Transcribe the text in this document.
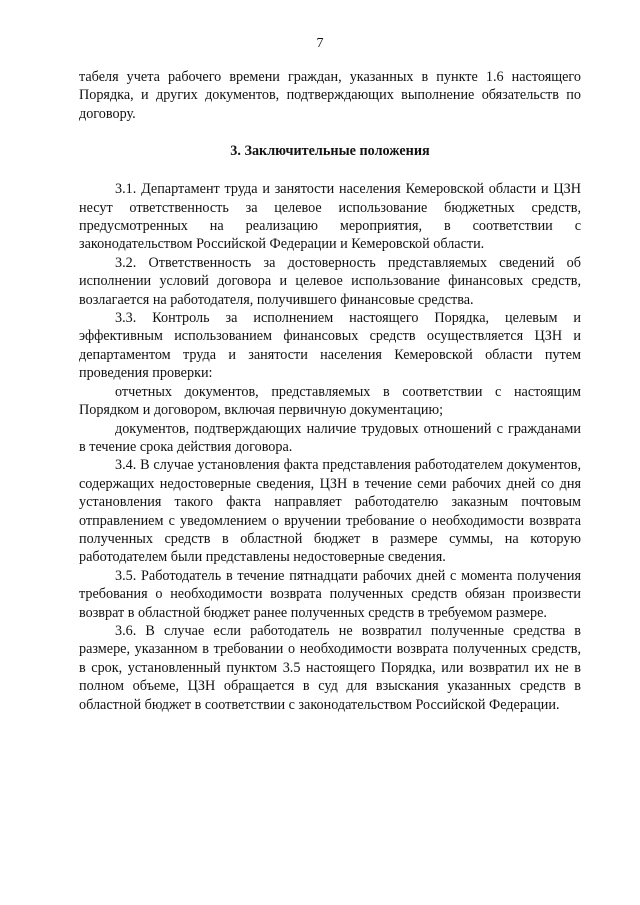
7

табеля учета рабочего времени граждан, указанных в пункте 1.6 настоящего Порядка, и других документов, подтверждающих выполнение обязательств по договору.

3. Заключительные положения

3.1. Департамент труда и занятости населения Кемеровской области и ЦЗН несут ответственность за целевое использование бюджетных средств, предусмотренных на реализацию мероприятия, в соответствии с законодательством Российской Федерации и Кемеровской области.

3.2. Ответственность за достоверность представляемых сведений об исполнении условий договора и целевое использование финансовых средств, возлагается на работодателя, получившего финансовые средства.

3.3. Контроль за исполнением настоящего Порядка, целевым и эффективным использованием финансовых средств осуществляется ЦЗН и департаментом труда и занятости населения Кемеровской области путем проведения проверки:

отчетных документов, представляемых в соответствии с настоящим Порядком и договором, включая первичную документацию;

документов, подтверждающих наличие трудовых отношений с гражданами в течение срока действия договора.

3.4. В случае установления факта представления работодателем документов, содержащих недостоверные сведения, ЦЗН в течение семи рабочих дней со дня установления такого факта направляет работодателю заказным почтовым отправлением с уведомлением о вручении требование о необходимости возврата полученных средств в областной бюджет в размере суммы, на которую работодателем были представлены недостоверные сведения.

3.5. Работодатель в течение пятнадцати рабочих дней с момента получения требования о необходимости возврата полученных средств обязан произвести возврат в областной бюджет ранее полученных средств в требуемом размере.

3.6. В случае если работодатель не возвратил полученные средства в размере, указанном в требовании о необходимости возврата полученных средств, в срок, установленный пунктом 3.5 настоящего Порядка, или возвратил их не в полном объеме, ЦЗН обращается в суд для взыскания указанных средств в областной бюджет в соответствии с законодательством Российской Федерации.
